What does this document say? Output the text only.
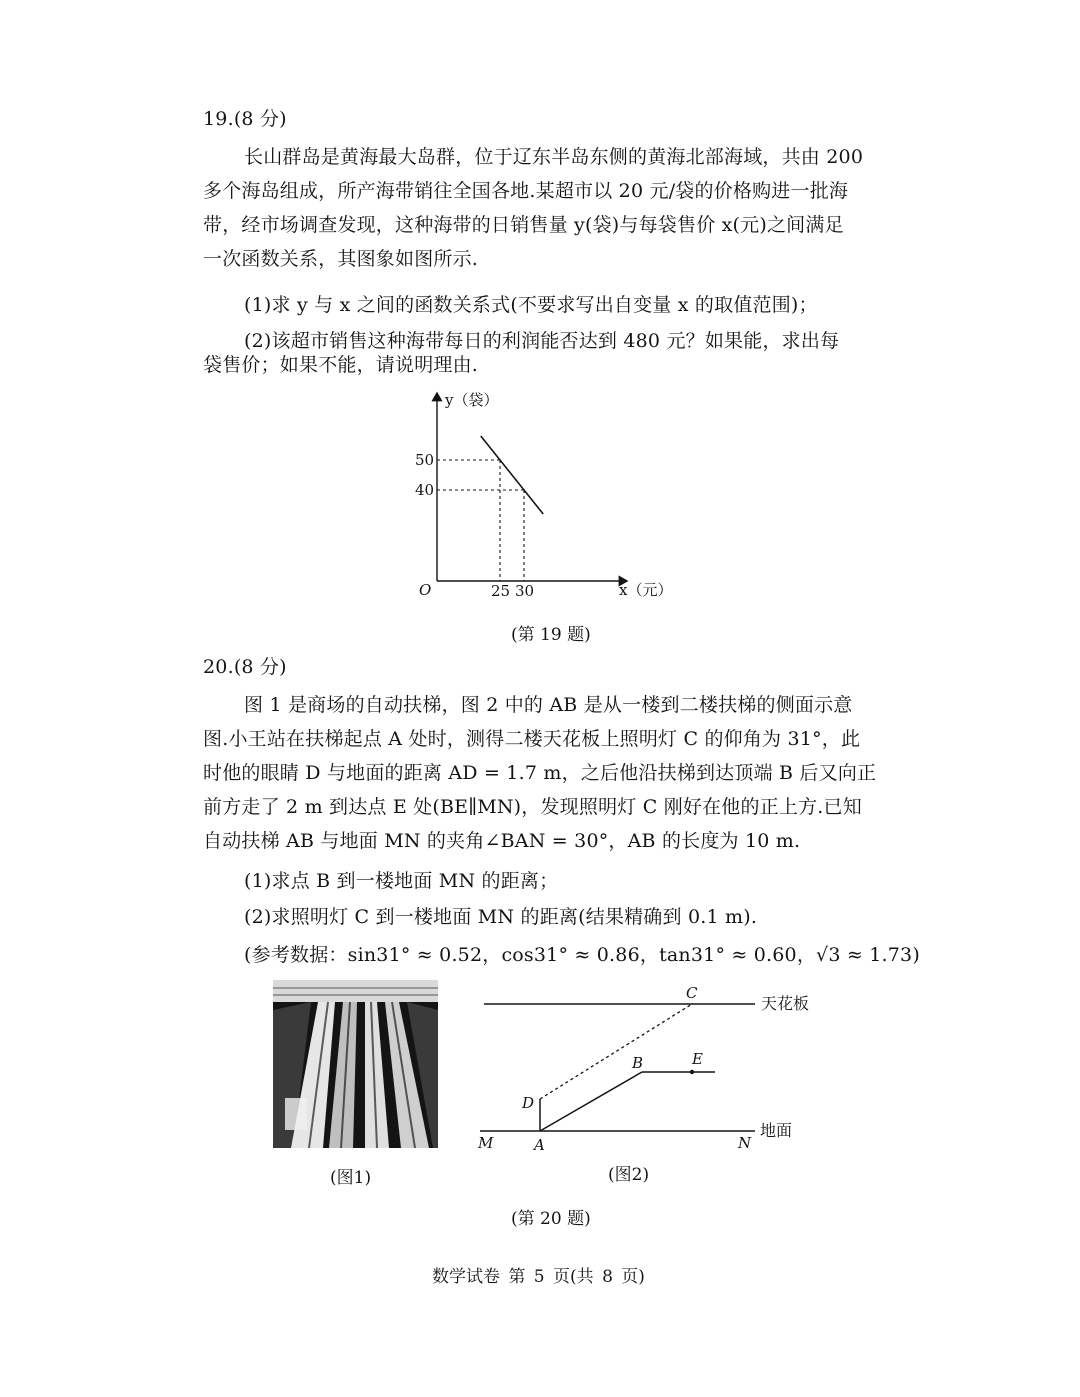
19.(8 分)
长山群岛是黄海最大岛群，位于辽东半岛东侧的黄海北部海域，共由 200
多个海岛组成，所产海带销往全国各地.某超市以 20 元/袋的价格购进一批海
带，经市场调查发现，这种海带的日销售量 y(袋)与每袋售价 x(元)之间满足
一次函数关系，其图象如图所示.
(1)求 y 与 x 之间的函数关系式(不要求写出自变量 x 的取值范围)；
(2)该超市销售这种海带每日的利润能否达到 480 元？如果能，求出每
袋售价；如果不能，请说明理由.
y（袋）
x（元）
O
50
40
25 30
(第 19 题)
20.(8 分)
图 1 是商场的自动扶梯，图 2 中的 AB 是从一楼到二楼扶梯的侧面示意
图.小王站在扶梯起点 A 处时，测得二楼天花板上照明灯 C 的仰角为 31°，此
时他的眼睛 D 与地面的距离 AD = 1.7 m，之后他沿扶梯到达顶端 B 后又向正
前方走了 2 m 到达点 E 处(BE∥MN)，发现照明灯 C 刚好在他的正上方.已知
自动扶梯 AB 与地面 MN 的夹角∠BAN = 30°，AB 的长度为 10 m.
(1)求点 B 到一楼地面 MN 的距离；
(2)求照明灯 C 到一楼地面 MN 的距离(结果精确到 0.1 m).
(参考数据：sin31° ≈ 0.52，cos31° ≈ 0.86，tan31° ≈ 0.60，√3 ≈ 1.73)
(图1)
C
B	E
D
M	A	N
天花板
地面
(图2)
(第 20 题)
数学试卷 第 5 页(共 8 页)
